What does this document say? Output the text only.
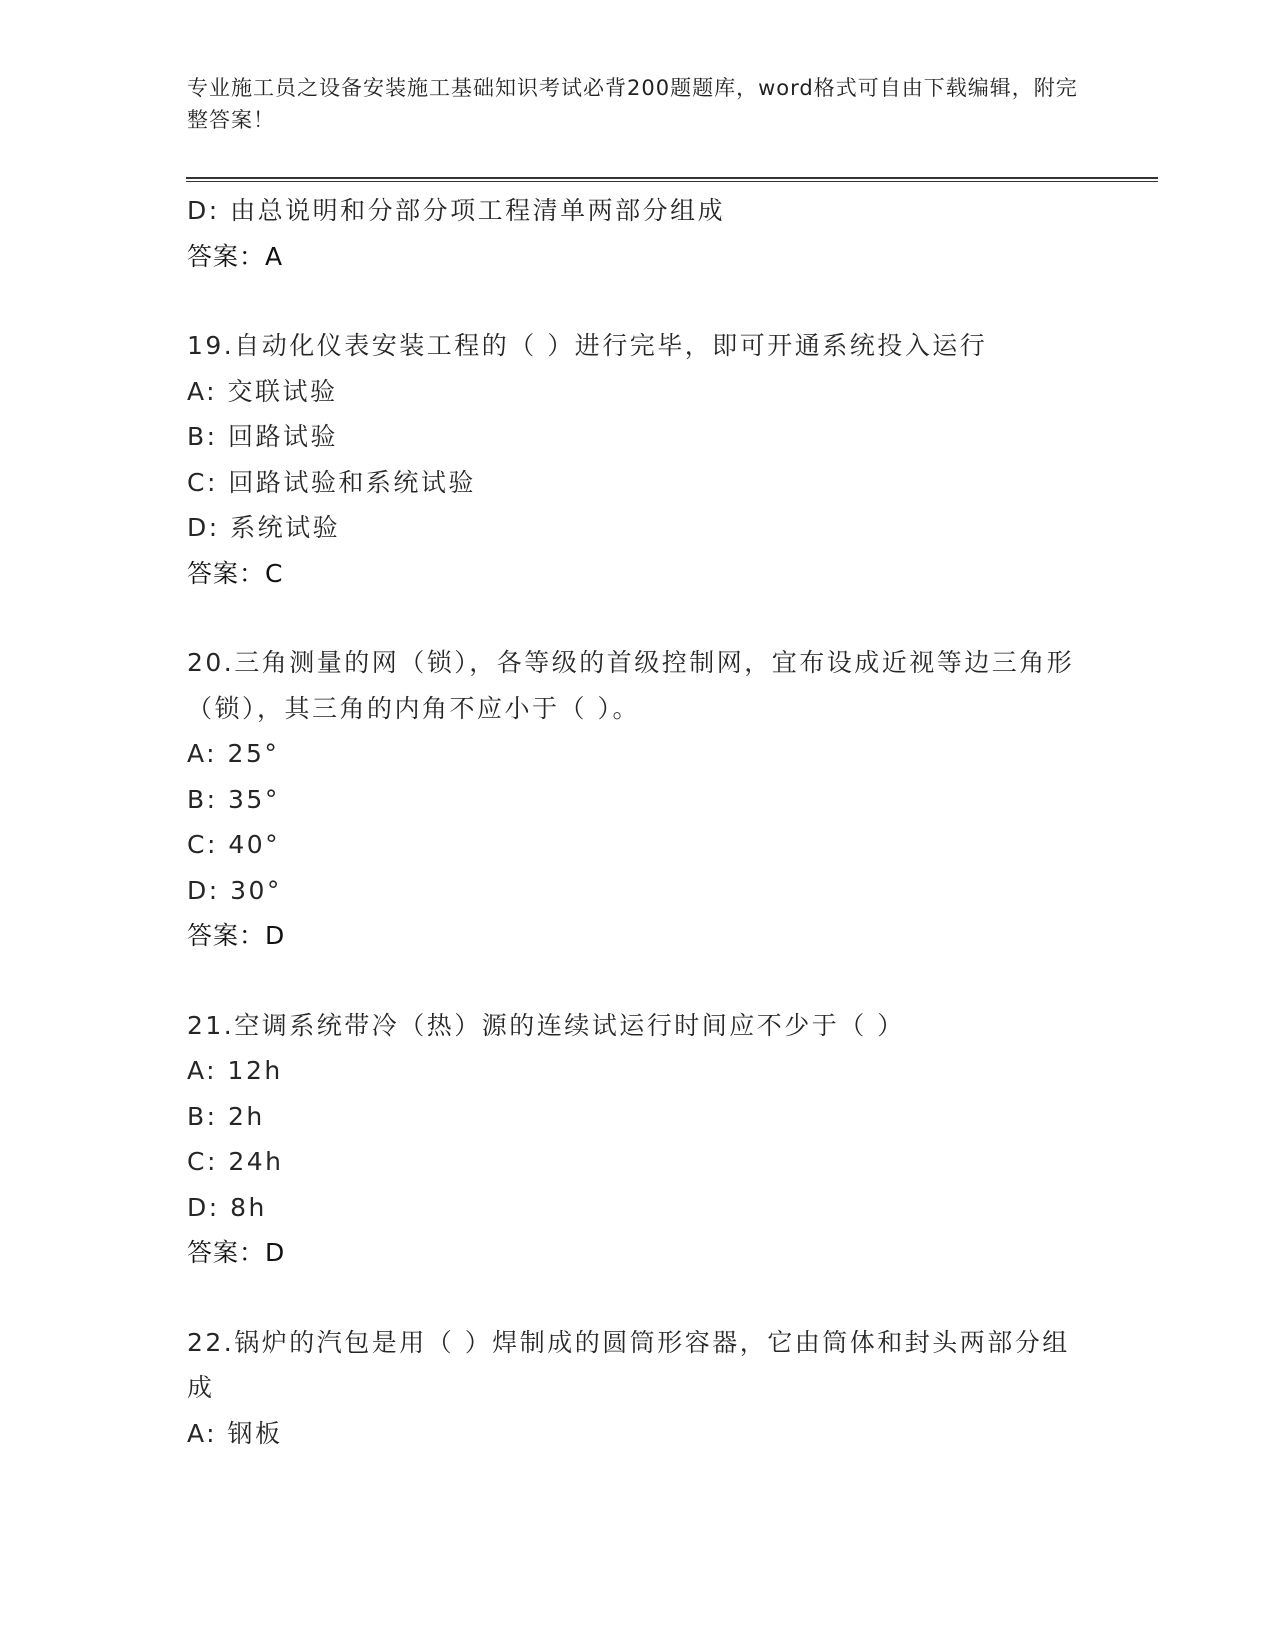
专业施工员之设备安装施工基础知识考试必背200题题库，word格式可自由下载编辑，附完整答案！
D: 由总说明和分部分项工程清单两部分组成
答案：A
19.自动化仪表安装工程的（ ）进行完毕，即可开通系统投入运行
A: 交联试验
B: 回路试验
C: 回路试验和系统试验
D: 系统试验
答案：C
20.三角测量的网（锁），各等级的首级控制网，宜布设成近视等边三角形（锁），其三角的内角不应小于（ ）。
A: 25°
B: 35°
C: 40°
D: 30°
答案：D
21.空调系统带冷（热）源的连续试运行时间应不少于（ ）
A: 12h
B: 2h
C: 24h
D: 8h
答案：D
22.锅炉的汽包是用（ ）焊制成的圆筒形容器，它由筒体和封头两部分组成
A: 钢板
